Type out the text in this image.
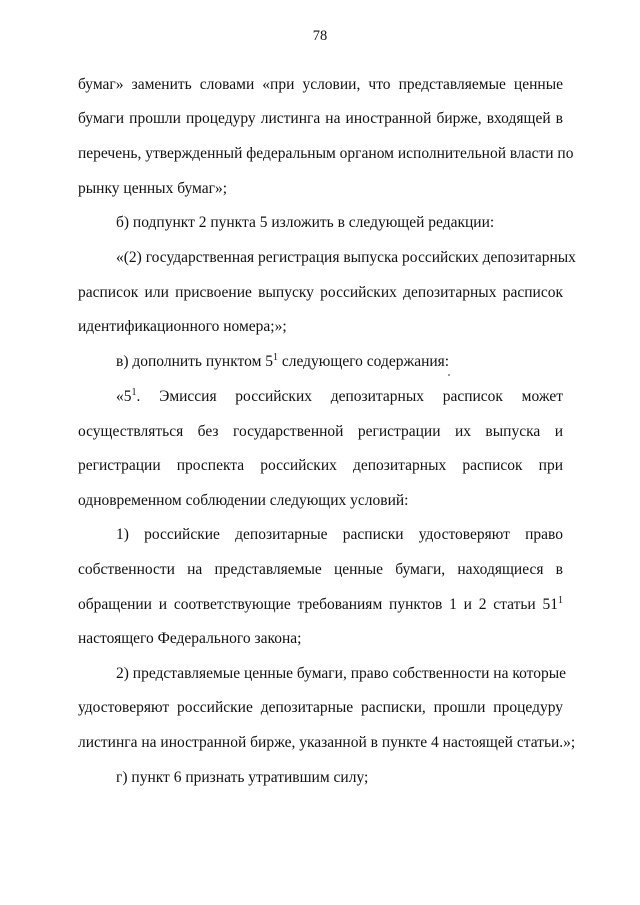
78
бумаг» заменить словами «при условии, что представляемые ценные
бумаги прошли процедуру листинга на иностранной бирже, входящей в
перечень, утвержденный федеральным органом исполнительной власти по
рынку ценных бумаг»;
б) подпункт 2 пункта 5 изложить в следующей редакции:
«(2) государственная регистрация выпуска российских депозитарных
расписок или присвоение выпуску российских депозитарных расписок
идентификационного номера;»;
в) дополнить пунктом $5^1$ следующего содержания:
«$5^1$. Эмиссия российских депозитарных расписок может
осуществляться без государственной регистрации их выпуска и
регистрации проспекта российских депозитарных расписок при
одновременном соблюдении следующих условий:
1) российские депозитарные расписки удостоверяют право
собственности на представляемые ценные бумаги, находящиеся в
обращении и соответствующие требованиям пунктов 1 и 2 статьи $51^1$
настоящего Федерального закона;
2) представляемые ценные бумаги, право собственности на которые
удостоверяют российские депозитарные расписки, прошли процедуру
листинга на иностранной бирже, указанной в пункте 4 настоящей статьи.»;
г) пункт 6 признать утратившим силу;
